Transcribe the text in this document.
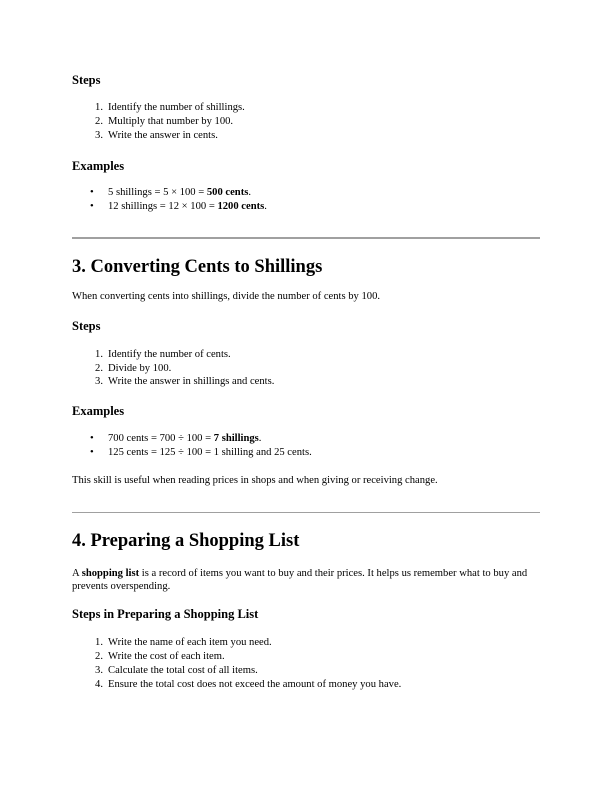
Steps
1. Identify the number of shillings.
2. Multiply that number by 100.
3. Write the answer in cents.
Examples
•	5 shillings = 5 × 100 = 500 cents.
•	12 shillings = 12 × 100 = 1200 cents.
3. Converting Cents to Shillings
When converting cents into shillings, divide the number of cents by 100.
Steps
1. Identify the number of cents.
2. Divide by 100.
3. Write the answer in shillings and cents.
Examples
•	700 cents = 700 ÷ 100 = 7 shillings.
•	125 cents = 125 ÷ 100 = 1 shilling and 25 cents.
This skill is useful when reading prices in shops and when giving or receiving change.
4. Preparing a Shopping List
A shopping list is a record of items you want to buy and their prices. It helps us remember what to buy and prevents overspending.
Steps in Preparing a Shopping List
1. Write the name of each item you need.
2. Write the cost of each item.
3. Calculate the total cost of all items.
4. Ensure the total cost does not exceed the amount of money you have.
